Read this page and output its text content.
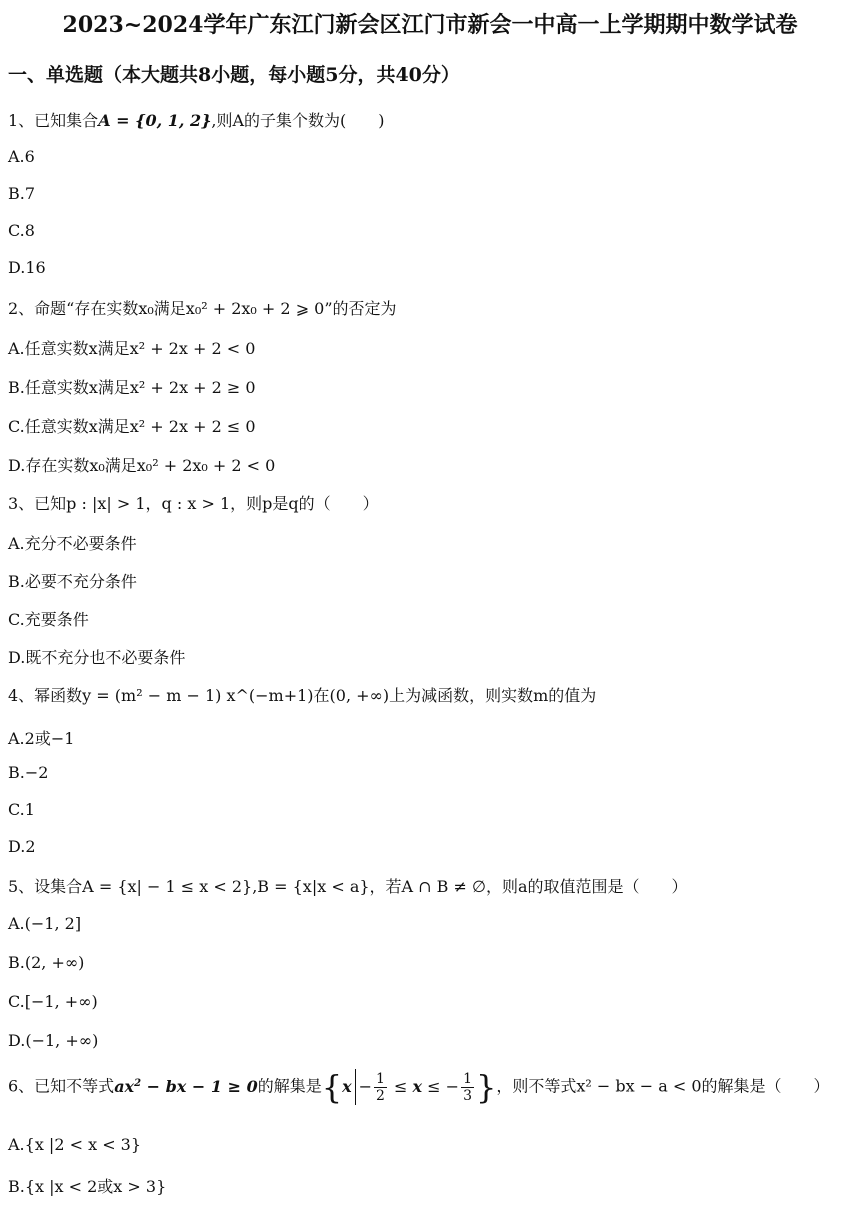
2023~2024学年广东江门新会区江门市新会一中高一上学期期中数学试卷
一、单选题（本大题共8小题，每小题5分，共40分）
1、已知集合A = {0, 1, 2},则A的子集个数为(　　)
A.6
B.7
C.8
D.16
2、命题“存在实数x₀满足x₀² + 2x₀ + 2 ⩾ 0”的否定为
A.任意实数x满足x² + 2x + 2 < 0
B.任意实数x满足x² + 2x + 2 ≥ 0
C.任意实数x满足x² + 2x + 2 ≤ 0
D.存在实数x₀满足x₀² + 2x₀ + 2 < 0
3、已知p : |x| > 1，q : x > 1，则p是q的（　　）
A.充分不必要条件
B.必要不充分条件
C.充要条件
D.既不充分也不必要条件
4、幂函数y = (m² − m − 1) x^(−m+1)在(0, +∞)上为减函数，则实数m的值为
A.2或−1
B.−2
C.1
D.2
5、设集合A = {x| − 1 ≤ x < 2},B = {x|x < a}，若A ∩ B ≠ ∅，则a的取值范围是（　　）
A.(−1, 2]
B.(2, +∞)
C.[−1, +∞)
D.(−1, +∞)
6、已知不等式$ax^2$ − bx − 1 ≥ 0的解集是{$x - \frac{1}{2} \le x$ ≤ − $\frac{1}{3}$ }，则不等式x² − bx − a < 0的解集是（　　）
A.{x |2 < x < 3}
B.{x |x < 2或x > 3}
